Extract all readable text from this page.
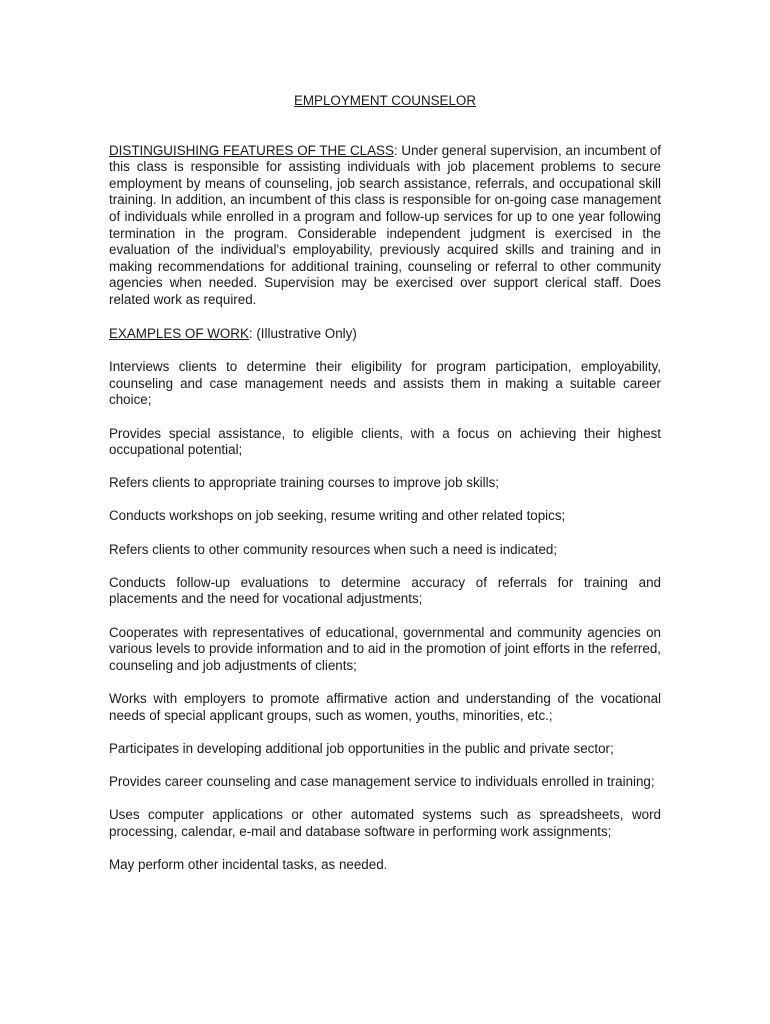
EMPLOYMENT COUNSELOR

DISTINGUISHING FEATURES OF THE CLASS: Under general supervision, an incumbent of this class is responsible for assisting individuals with job placement problems to secure employment by means of counseling, job search assistance, referrals, and occupational skill training. In addition, an incumbent of this class is responsible for on-going case management of individuals while enrolled in a program and follow-up services for up to one year following termination in the program. Considerable independent judgment is exercised in the evaluation of the individual's employability, previously acquired skills and training and in making recommendations for additional training, counseling or referral to other community agencies when needed. Supervision may be exercised over support clerical staff. Does related work as required.

EXAMPLES OF WORK: (Illustrative Only)

Interviews clients to determine their eligibility for program participation, employability, counseling and case management needs and assists them in making a suitable career choice;
Provides special assistance, to eligible clients, with a focus on achieving their highest occupational potential;
Refers clients to appropriate training courses to improve job skills;
Conducts workshops on job seeking, resume writing and other related topics;
Refers clients to other community resources when such a need is indicated;
Conducts follow-up evaluations to determine accuracy of referrals for training and placements and the need for vocational adjustments;
Cooperates with representatives of educational, governmental and community agencies on various levels to provide information and to aid in the promotion of joint efforts in the referred, counseling and job adjustments of clients;
Works with employers to promote affirmative action and understanding of the vocational needs of special applicant groups, such as women, youths, minorities, etc.;
Participates in developing additional job opportunities in the public and private sector;
Provides career counseling and case management service to individuals enrolled in training;
Uses computer applications or other automated systems such as spreadsheets, word processing, calendar, e-mail and database software in performing work assignments;
May perform other incidental tasks, as needed.
